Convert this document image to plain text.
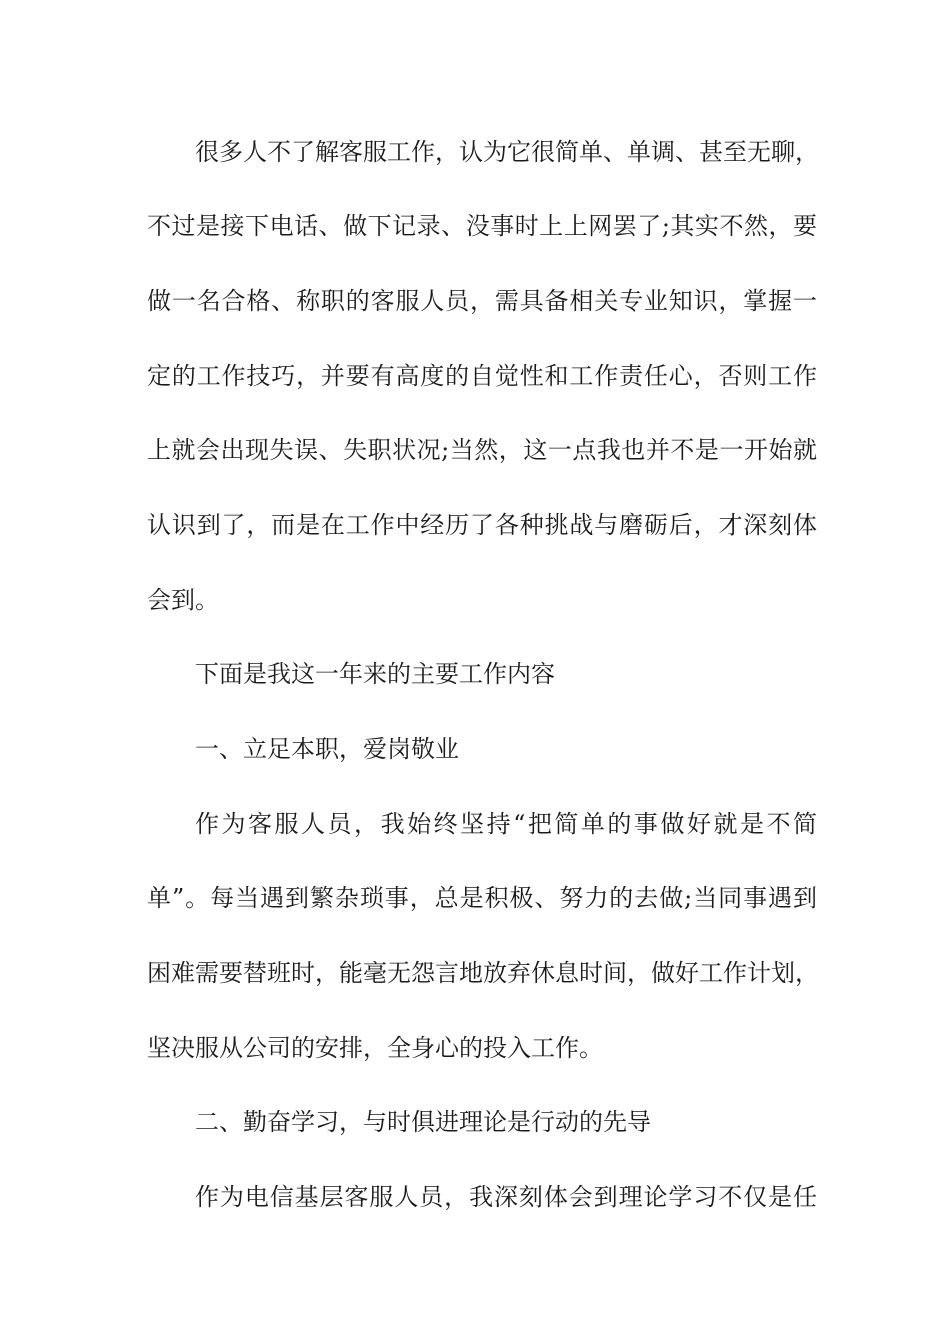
很多人不了解客服工作，认为它很简单、单调、甚至无聊，
不过是接下电话、做下记录、没事时上上网罢了;其实不然，要
做一名合格、称职的客服人员，需具备相关专业知识，掌握一
定的工作技巧，并要有高度的自觉性和工作责任心，否则工作
上就会出现失误、失职状况;当然，这一点我也并不是一开始就
认识到了，而是在工作中经历了各种挑战与磨砺后，才深刻体
会到。
下面是我这一年来的主要工作内容
一、立足本职，爱岗敬业
作为客服人员，我始终坚持“把简单的事做好就是不简
单”。每当遇到繁杂琐事，总是积极、努力的去做;当同事遇到
困难需要替班时，能毫无怨言地放弃休息时间，做好工作计划，
坚决服从公司的安排，全身心的投入工作。
二、勤奋学习，与时俱进理论是行动的先导
作为电信基层客服人员，我深刻体会到理论学习不仅是任
